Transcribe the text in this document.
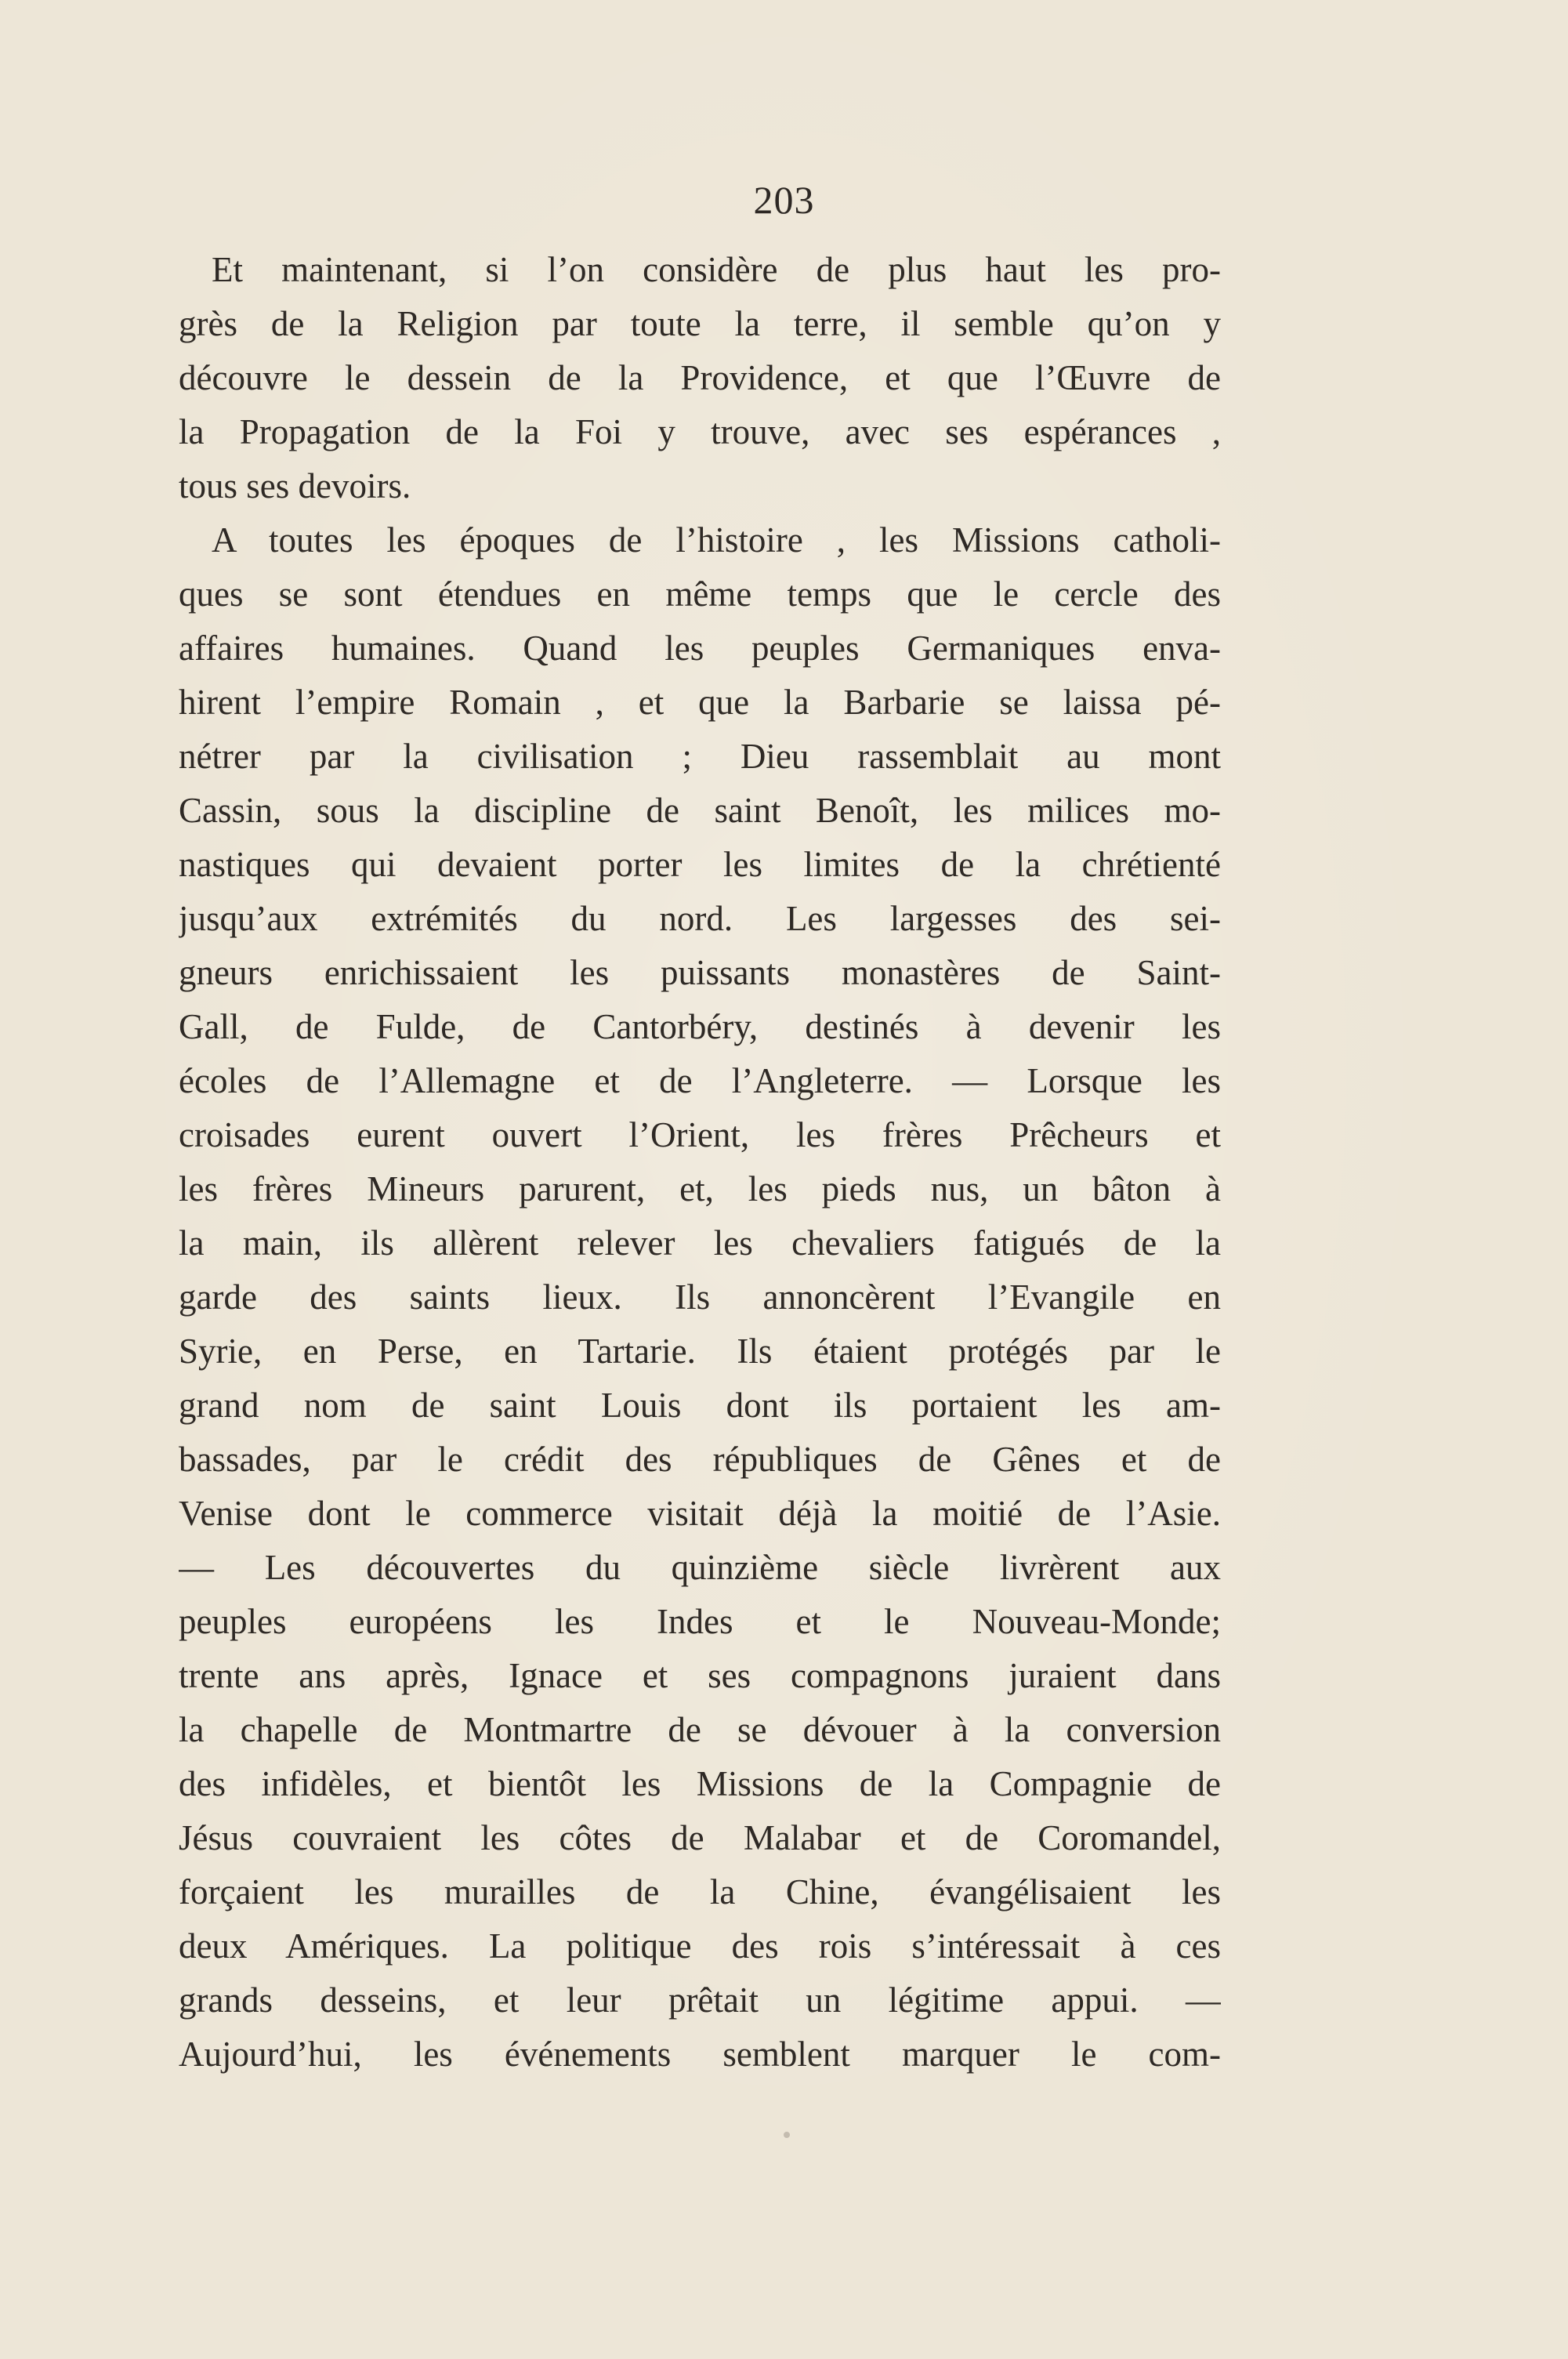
203
Et maintenant, si l’on considère de plus haut les pro-
grès de la Religion par toute la terre, il semble qu’on y
découvre le dessein de la Providence, et que l’Œuvre de
la Propagation de la Foi y trouve, avec ses espérances ,
tous ses devoirs.
A toutes les époques de l’histoire , les Missions catholi-
ques se sont étendues en même temps que le cercle des
affaires humaines. Quand les peuples Germaniques enva-
hirent l’empire Romain , et que la Barbarie se laissa pé-
nétrer par la civilisation ; Dieu rassemblait au mont
Cassin, sous la discipline de saint Benoît, les milices mo-
nastiques qui devaient porter les limites de la chrétienté
jusqu’aux extrémités du nord. Les largesses des sei-
gneurs enrichissaient les puissants monastères de Saint-
Gall, de Fulde, de Cantorbéry, destinés à devenir les
écoles de l’Allemagne et de l’Angleterre. — Lorsque les
croisades eurent ouvert l’Orient, les frères Prêcheurs et
les frères Mineurs parurent, et, les pieds nus, un bâton à
la main, ils allèrent relever les chevaliers fatigués de la
garde des saints lieux. Ils annoncèrent l’Evangile en
Syrie, en Perse, en Tartarie. Ils étaient protégés par le
grand nom de saint Louis dont ils portaient les am-
bassades, par le crédit des républiques de Gênes et de
Venise dont le commerce visitait déjà la moitié de l’Asie.
— Les découvertes du quinzième siècle livrèrent aux
peuples européens les Indes et le Nouveau-Monde;
trente ans après, Ignace et ses compagnons juraient dans
la chapelle de Montmartre de se dévouer à la conversion
des infidèles, et bientôt les Missions de la Compagnie de
Jésus couvraient les côtes de Malabar et de Coromandel,
forçaient les murailles de la Chine, évangélisaient les
deux Amériques. La politique des rois s’intéressait à ces
grands desseins, et leur prêtait un légitime appui. —
Aujourd’hui, les événements semblent marquer le com-
